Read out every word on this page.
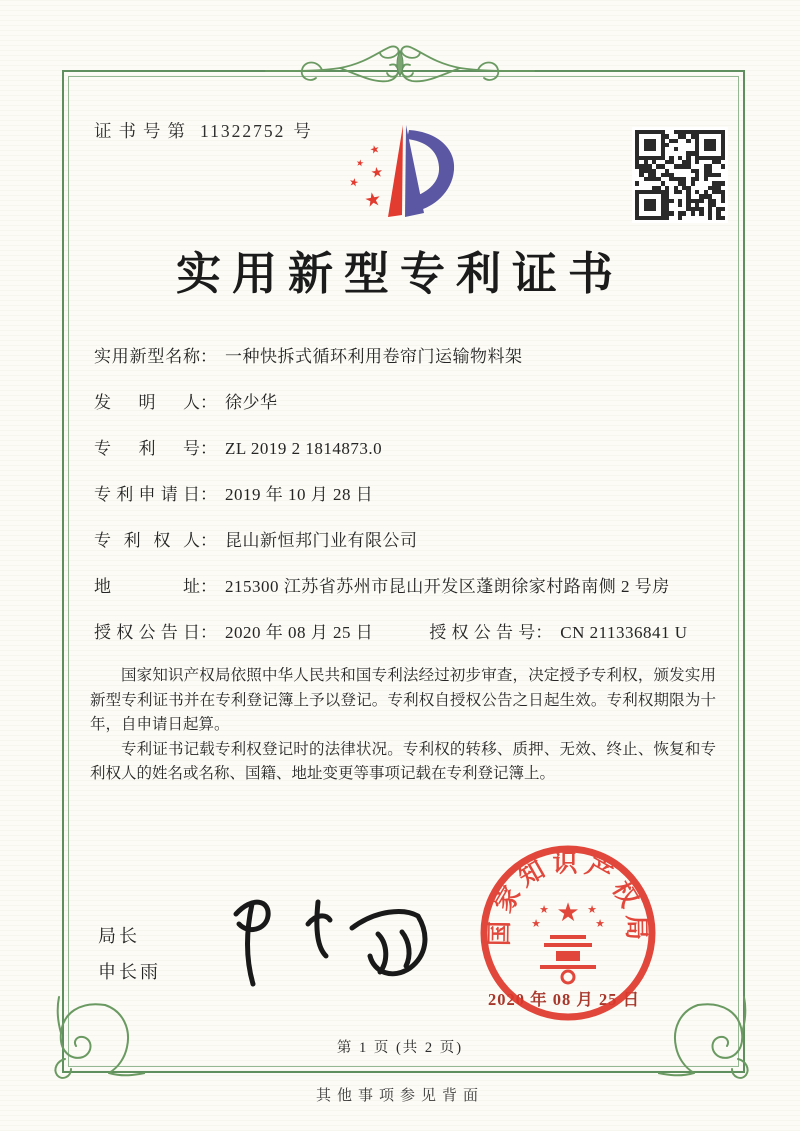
证书号第 11322752 号
★
★
★
★
★
实用新型专利证书
实用新型名称 ： 一种快拆式循环利用卷帘门运输物料架
发明人 ： 徐少华
专利号 ： ZL 2019 2 1814873.0
专利申请日 ： 2019 年 10 月 28 日
专利权人 ： 昆山新恒邦门业有限公司
地址 ： 215300 江苏省苏州市昆山开发区蓬朗徐家村路南侧 2 号房
授权公告日 ： 2020 年 08 月 25 日	授权公告号 ： CN 211336841 U

国家知识产权局依照中华人民共和国专利法经过初步审查，决定授予专利权，颁发实用新型专利证书并在专利登记簿上予以登记。专利权自授权公告之日起生效。专利权期限为十年，自申请日起算。

专利证书记载专利权登记时的法律状况。专利权的转移、质押、无效、终止、恢复和专利权人的姓名或名称、国籍、地址变更等事项记载在专利登记簿上。

局长
申长雨
2020 年 08 月 25 日
国家知识产权局
★
★	★
★	★
第 1 页 (共 2 页)
其他事项参见背面
